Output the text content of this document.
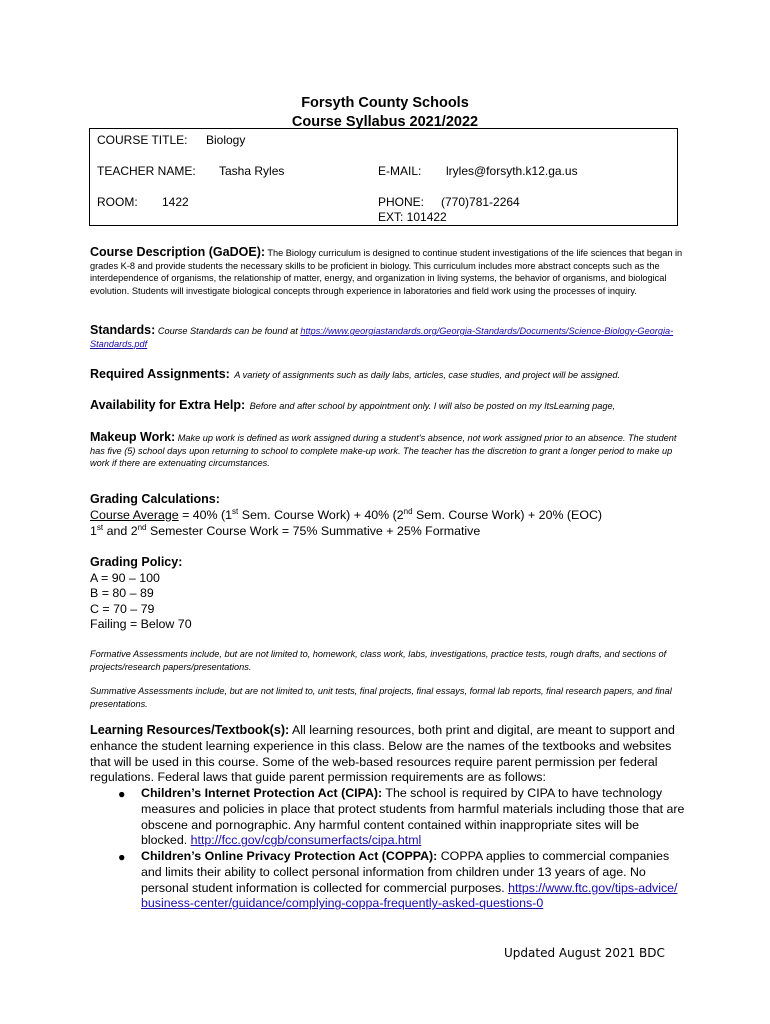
Forsyth County Schools
Course Syllabus 2021/2022
COURSE TITLE: Biology
TEACHER NAME: Tasha Ryles	E-MAIL: lryles@forsyth.k12.ga.us
ROOM: 1422	PHONE: (770)781-2264
EXT: 101422
Course Description (GaDOE): The Biology curriculum is designed to continue student investigations of the life sciences that began in grades K-8 and provide students the necessary skills to be proficient in biology. This curriculum includes more abstract concepts such as the interdependence of organisms, the relationship of matter, energy, and organization in living systems, the behavior of organisms, and biological evolution. Students will investigate biological concepts through experience in laboratories and field work using the processes of inquiry.
Standards: Course Standards can be found at https://www.georgiastandards.org/Georgia-Standards/Documents/Science-Biology-Georgia-Standards.pdf
Required Assignments: A variety of assignments such as daily labs, articles, case studies, and project will be assigned.
Availability for Extra Help: Before and after school by appointment only. I will also be posted on my ItsLearning page,
Makeup Work: Make up work is defined as work assigned during a student's absence, not work assigned prior to an absence. The student has five (5) school days upon returning to school to complete make-up work. The teacher has the discretion to grant a longer period to make up work if there are extenuating circumstances.
Grading Calculations:
Course Average = 40% (1st Sem. Course Work) + 40% (2nd Sem. Course Work) + 20% (EOC)
1st and 2nd Semester Course Work = 75% Summative + 25% Formative
Grading Policy:
A = 90 – 100
B = 80 – 89
C = 70 – 79
Failing = Below 70
Formative Assessments include, but are not limited to, homework, class work, labs, investigations, practice tests, rough drafts, and sections of projects/research papers/presentations.
Summative Assessments include, but are not limited to, unit tests, final projects, final essays, formal lab reports, final research papers, and final presentations.
Learning Resources/Textbook(s): All learning resources, both print and digital, are meant to support and enhance the student learning experience in this class. Below are the names of the textbooks and websites that will be used in this course. Some of the web-based resources require parent permission per federal regulations. Federal laws that guide parent permission requirements are as follows:
● Children’s Internet Protection Act (CIPA): The school is required by CIPA to have technology measures and policies in place that protect students from harmful materials including those that are obscene and pornographic. Any harmful content contained within inappropriate sites will be blocked. http://fcc.gov/cgb/consumerfacts/cipa.html
● Children’s Online Privacy Protection Act (COPPA): COPPA applies to commercial companies and limits their ability to collect personal information from children under 13 years of age. No personal student information is collected for commercial purposes. https://www.ftc.gov/tips-advice/business-center/guidance/complying-coppa-frequently-asked-questions-0
Updated August 2021 BDC
